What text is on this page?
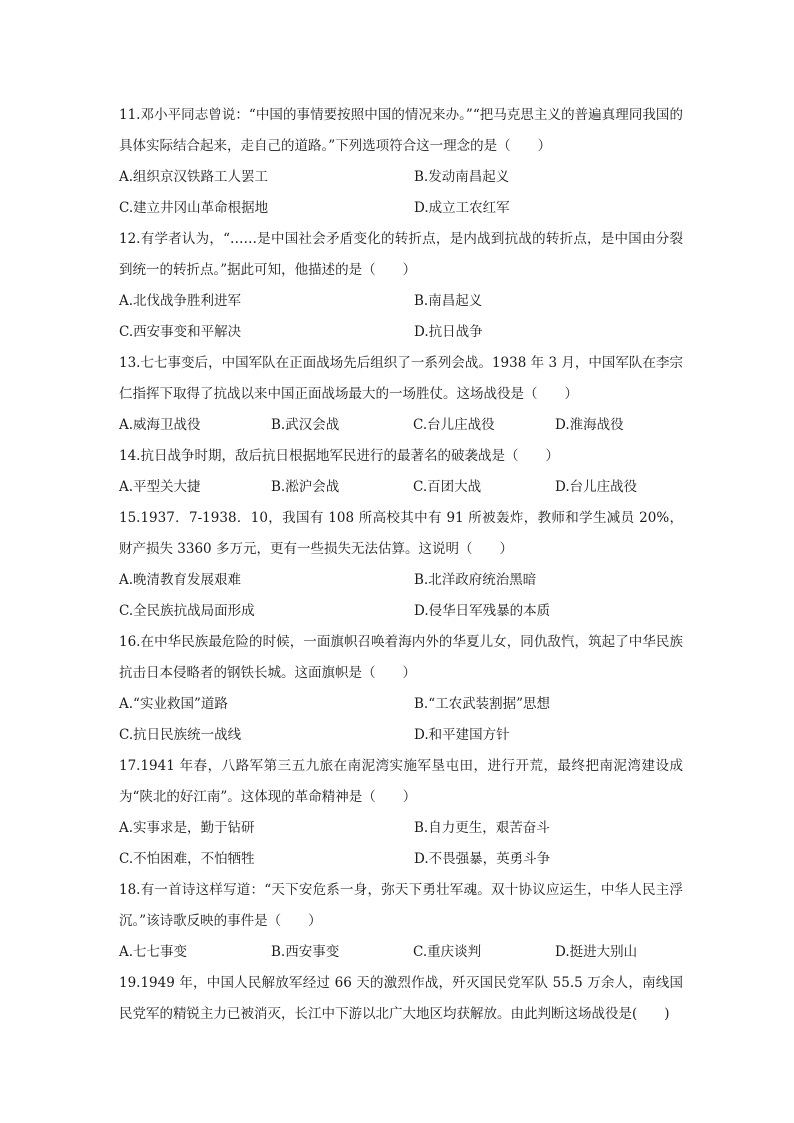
11.邓小平同志曾说：“中国的事情要按照中国的情况来办。”“把马克思主义的普遍真理同我国的具体实际结合起来，走自己的道路。”下列选项符合这一理念的是（　　）

A.组织京汉铁路工人罢工	B.发动南昌起义
C.建立井冈山革命根据地	D.成立工农红军

12.有学者认为，“……是中国社会矛盾变化的转折点，是内战到抗战的转折点，是中国由分裂到统一的转折点。”据此可知，他描述的是（　　）

A.北伐战争胜利进军	B.南昌起义
C.西安事变和平解决	D.抗日战争

13.七七事变后，中国军队在正面战场先后组织了一系列会战。1938 年 3 月，中国军队在李宗仁指挥下取得了抗战以来中国正面战场最大的一场胜仗。这场战役是（　　）

A.威海卫战役	B.武汉会战	C.台儿庄战役	D.淮海战役

14.抗日战争时期，敌后抗日根据地军民进行的最著名的破袭战是（　　）

A.平型关大捷	B.淞沪会战	C.百团大战	D.台儿庄战役

15.1937．7-1938．10，我国有 108 所高校其中有 91 所被轰炸，教师和学生减员 20%，财产损失 3360 多万元，更有一些损失无法估算。这说明（　　）

A.晚清教育发展艰难	B.北洋政府统治黑暗
C.全民族抗战局面形成	D.侵华日军残暴的本质

16.在中华民族最危险的时候，一面旗帜召唤着海内外的华夏儿女，同仇敌忾，筑起了中华民族抗击日本侵略者的钢铁长城。这面旗帜是（　　）

A.“实业救国”道路	B.“工农武装割据”思想
C.抗日民族统一战线	D.和平建国方针

17.1941 年春，八路军第三五九旅在南泥湾实施军垦屯田，进行开荒，最终把南泥湾建设成为“陕北的好江南”。这体现的革命精神是（　　）

A.实事求是，勤于钻研	B.自力更生，艰苦奋斗
C.不怕困难，不怕牺牲	D.不畏强暴，英勇斗争

18.有一首诗这样写道：“天下安危系一身，弥天下勇壮军魂。双十协议应运生，中华人民主浮沉。”该诗歌反映的事件是（　　）

A.七七事变	B.西安事变	C.重庆谈判	D.挺进大别山

19.1949 年，中国人民解放军经过 66 天的激烈作战，歼灭国民党军队 55.5 万余人，南线国民党军的精锐主力已被消灭，长江中下游以北广大地区均获解放。由此判断这场战役是(　　)
